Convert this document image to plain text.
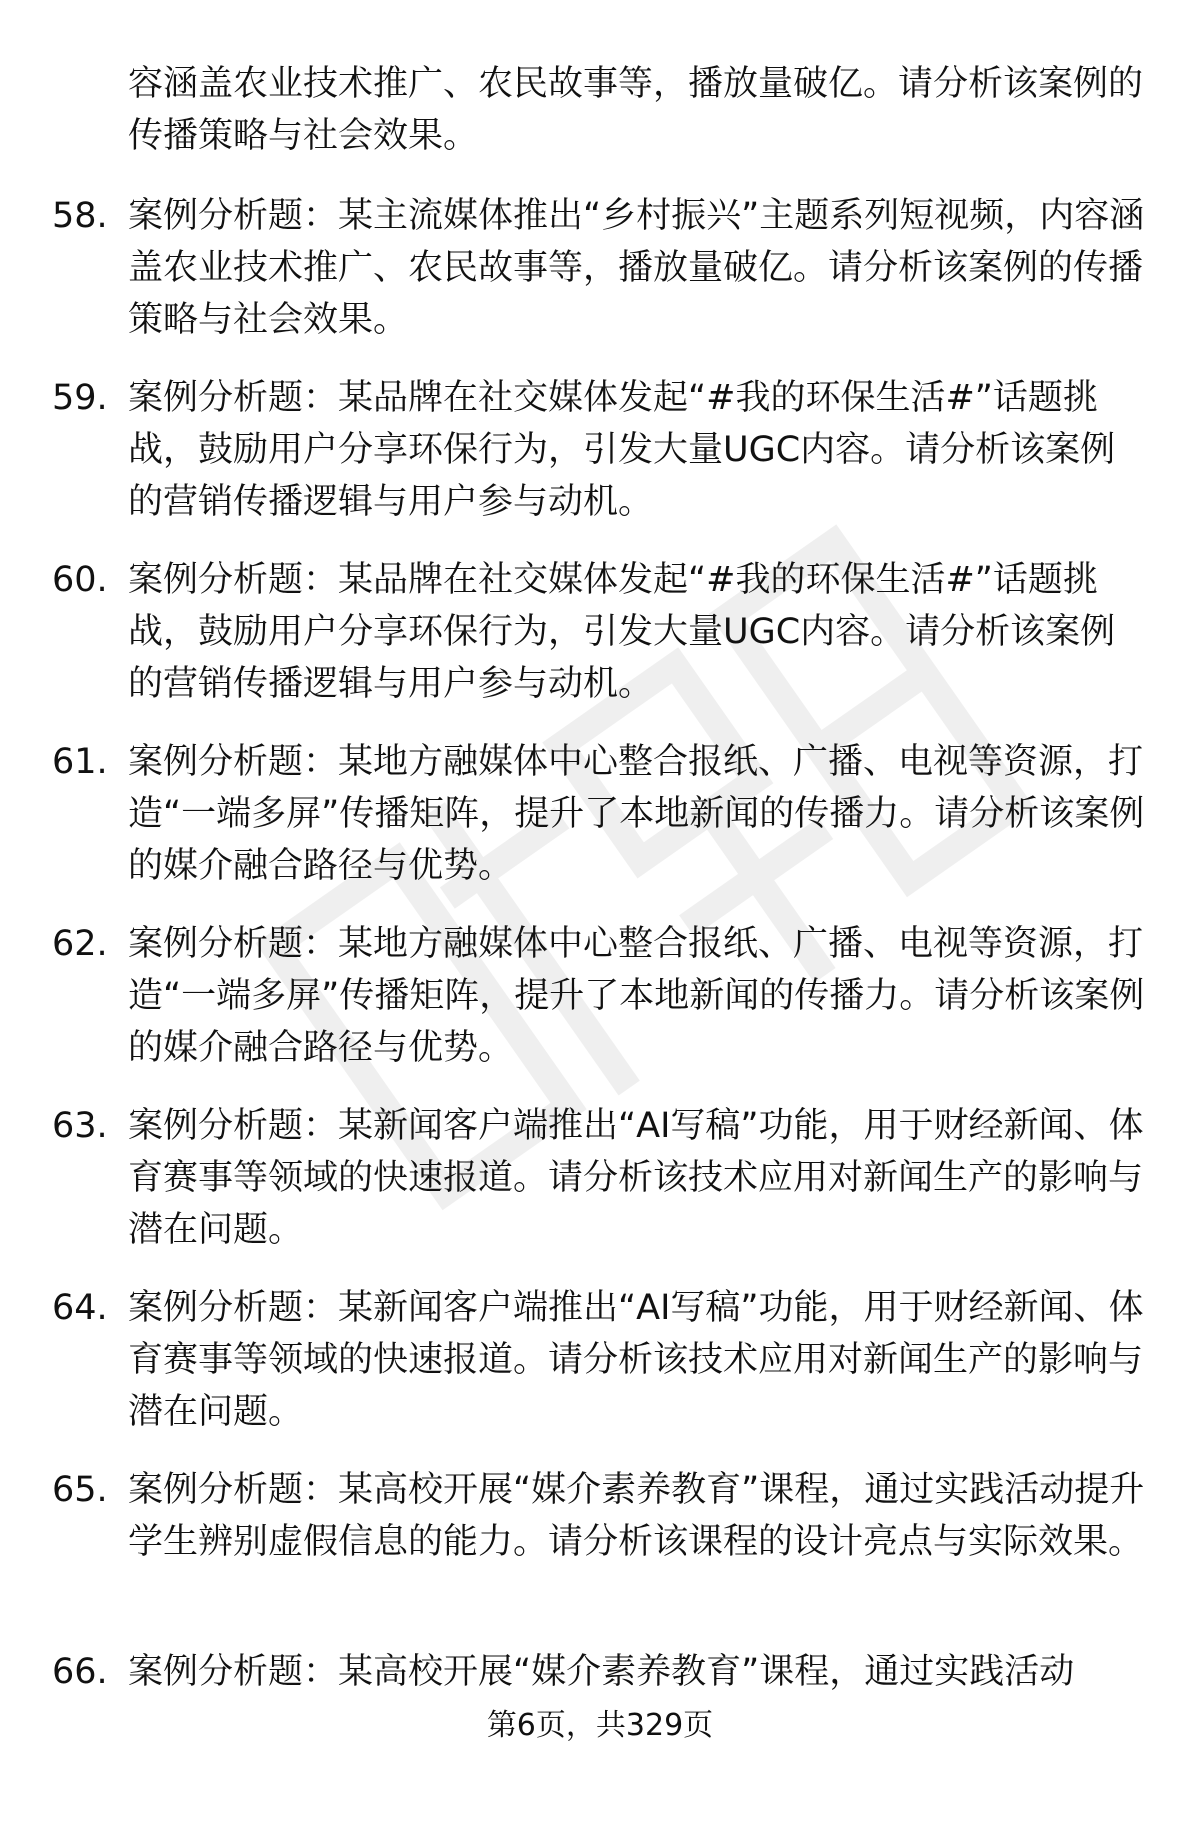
容涵盖农业技术推广、农民故事等，播放量破亿。请分析该案例的传播策略与社会效果。
58. 案例分析题：某主流媒体推出“乡村振兴”主题系列短视频，内容涵盖农业技术推广、农民故事等，播放量破亿。请分析该案例的传播策略与社会效果。
59. 案例分析题：某品牌在社交媒体发起“#我的环保生活#”话题挑战，鼓励用户分享环保行为，引发大量UGC内容。请分析该案例的营销传播逻辑与用户参与动机。
60. 案例分析题：某品牌在社交媒体发起“#我的环保生活#”话题挑战，鼓励用户分享环保行为，引发大量UGC内容。请分析该案例的营销传播逻辑与用户参与动机。
61. 案例分析题：某地方融媒体中心整合报纸、广播、电视等资源，打造“一端多屏”传播矩阵，提升了本地新闻的传播力。请分析该案例的媒介融合路径与优势。
62. 案例分析题：某地方融媒体中心整合报纸、广播、电视等资源，打造“一端多屏”传播矩阵，提升了本地新闻的传播力。请分析该案例的媒介融合路径与优势。
63. 案例分析题：某新闻客户端推出“AI写稿”功能，用于财经新闻、体育赛事等领域的快速报道。请分析该技术应用对新闻生产的影响与潜在问题。
64. 案例分析题：某新闻客户端推出“AI写稿”功能，用于财经新闻、体育赛事等领域的快速报道。请分析该技术应用对新闻生产的影响与潜在问题。
65. 案例分析题：某高校开展“媒介素养教育”课程，通过实践活动提升学生辨别虚假信息的能力。请分析该课程的设计亮点与实际效果。
66. 案例分析题：某高校开展“媒介素养教育”课程，通过实践活动
第6页，共329页
